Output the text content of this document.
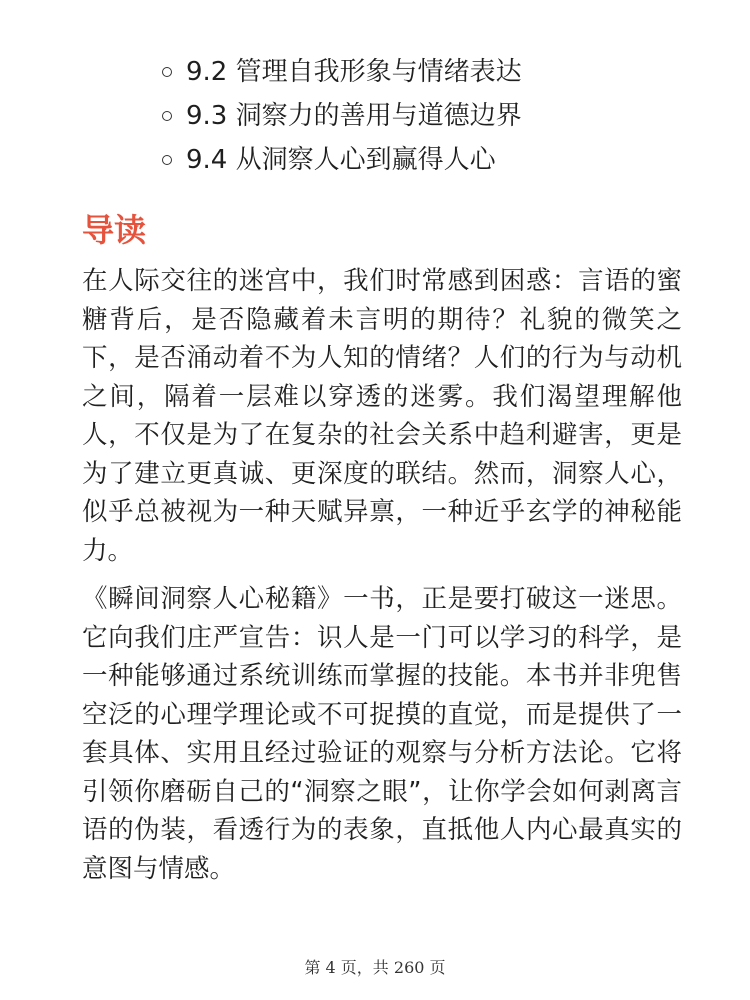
9.2 管理自我形象与情绪表达
9.3 洞察力的善用与道德边界
9.4 从洞察人心到赢得人心
导读

在人际交往的迷宫中，我们时常感到困惑：言语的蜜糖背后，是否隐藏着未言明的期待？礼貌的微笑之下，是否涌动着不为人知的情绪？人们的行为与动机之间，隔着一层难以穿透的迷雾。我们渴望理解他人，不仅是为了在复杂的社会关系中趋利避害，更是为了建立更真诚、更深度的联结。然而，洞察人心，似乎总被视为一种天赋异禀，一种近乎玄学的神秘能力。

《瞬间洞察人心秘籍》一书，正是要打破这一迷思。它向我们庄严宣告：识人是一门可以学习的科学，是一种能够通过系统训练而掌握的技能。本书并非兜售空泛的心理学理论或不可捉摸的直觉，而是提供了一套具体、实用且经过验证的观察与分析方法论。它将引领你磨砺自己的“洞察之眼”，让你学会如何剥离言语的伪装，看透行为的表象，直抵他人内心最真实的意图与情感。

第 4 页，共 260 页
